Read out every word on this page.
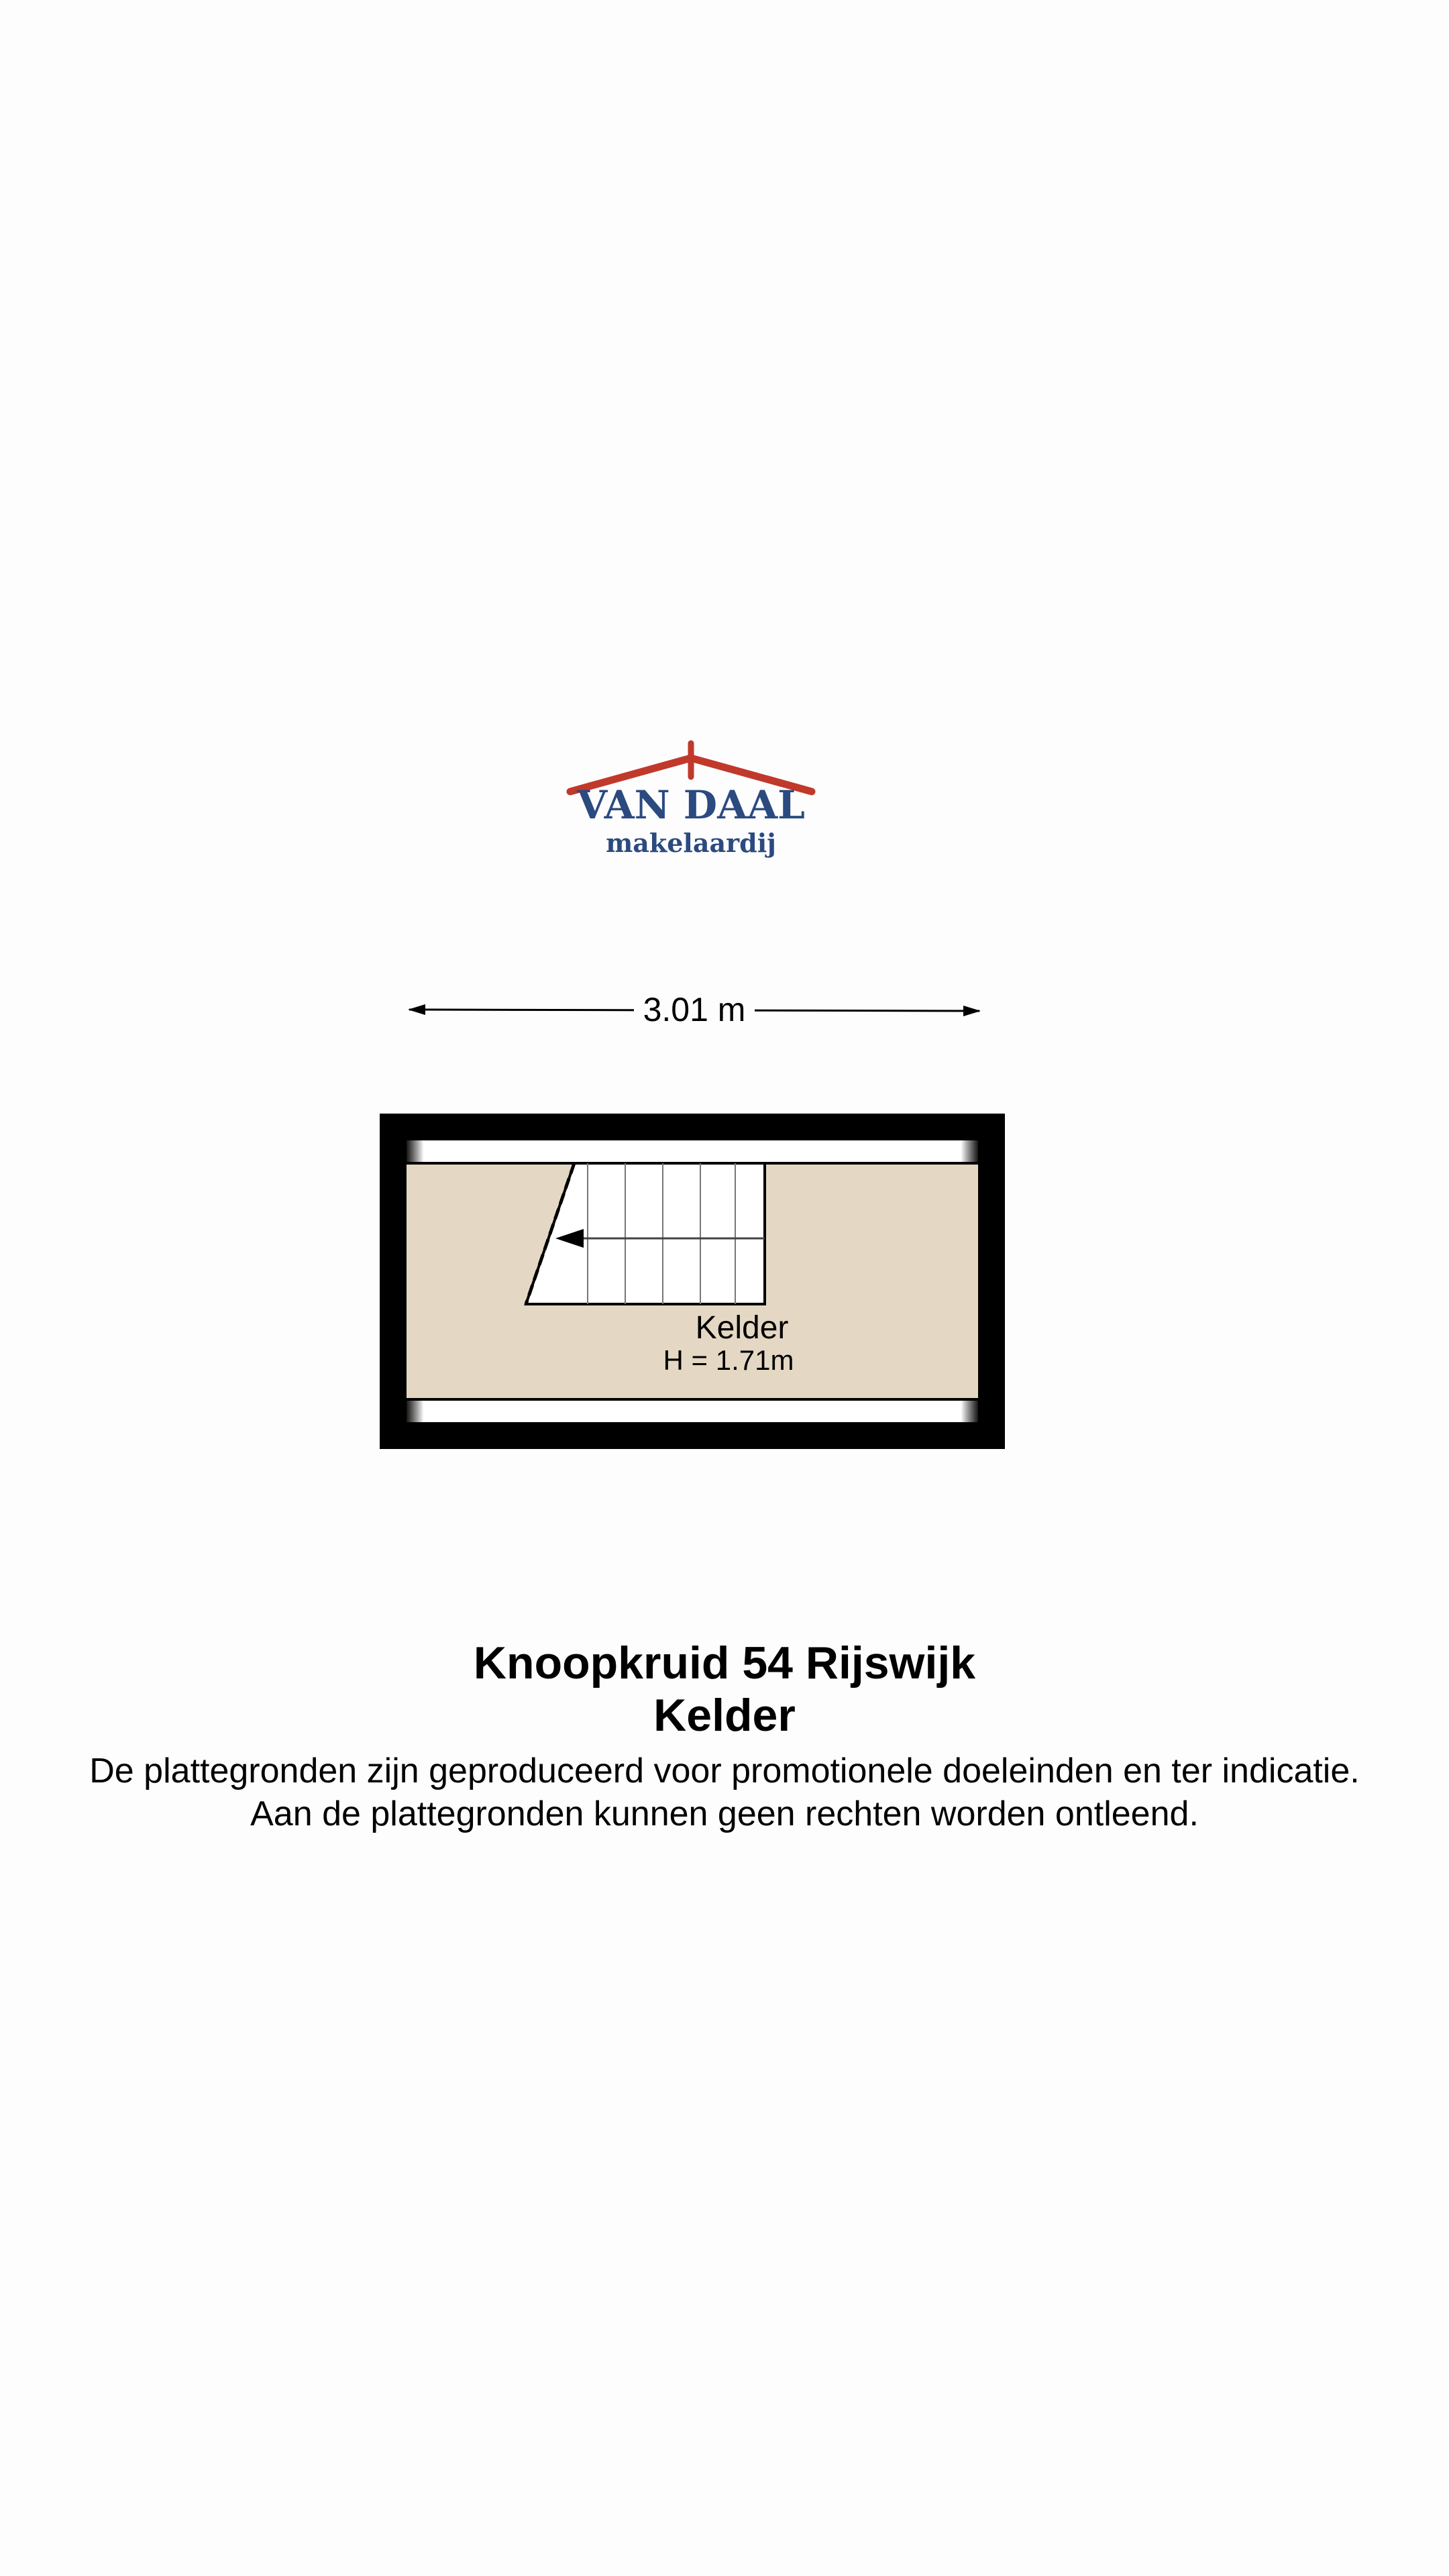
VAN DAAL
makelaardij
3.01 m
Kelder
H = 1.71m
Knoopkruid 54 Rijswijk
Kelder
De plattegronden zijn geproduceerd voor promotionele doeleinden en ter indicatie.
Aan de plattegronden kunnen geen rechten worden ontleend.
